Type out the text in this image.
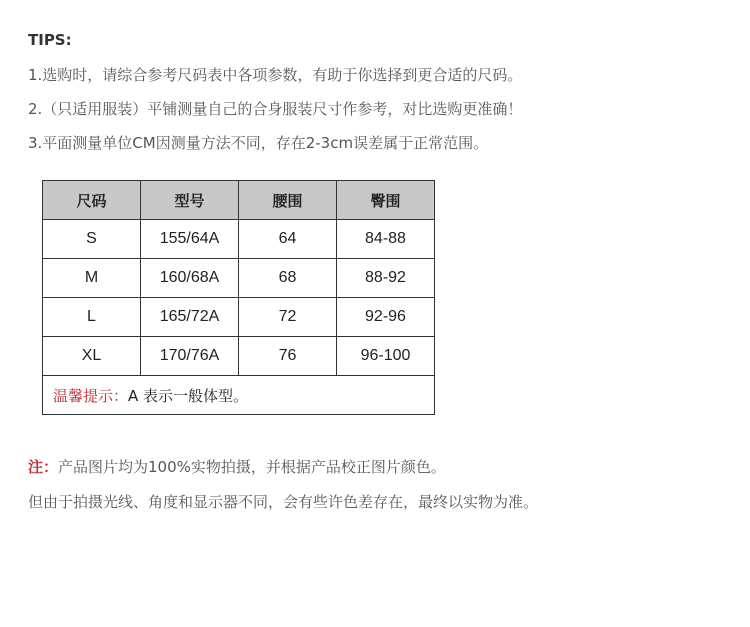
TIPS:
1.选购时，请综合参考尺码表中各项参数，有助于你选择到更合适的尺码。
2.（只适用服装）平铺测量自己的合身服装尺寸作参考，对比选购更准确！
3.平面测量单位CM因测量方法不同，存在2-3cm误差属于正常范围。
尺码	型号	腰围	臀围
S	155/64A	64	84-88
M	160/68A	68	88-92
L	165/72A	72	92-96
XL	170/76A	76	96-100
温馨提示：A 表示一般体型。			
注：产品图片均为100%实物拍摄，并根据产品校正图片颜色。
但由于拍摄光线、角度和显示器不同，会有些许色差存在，最终以实物为准。
